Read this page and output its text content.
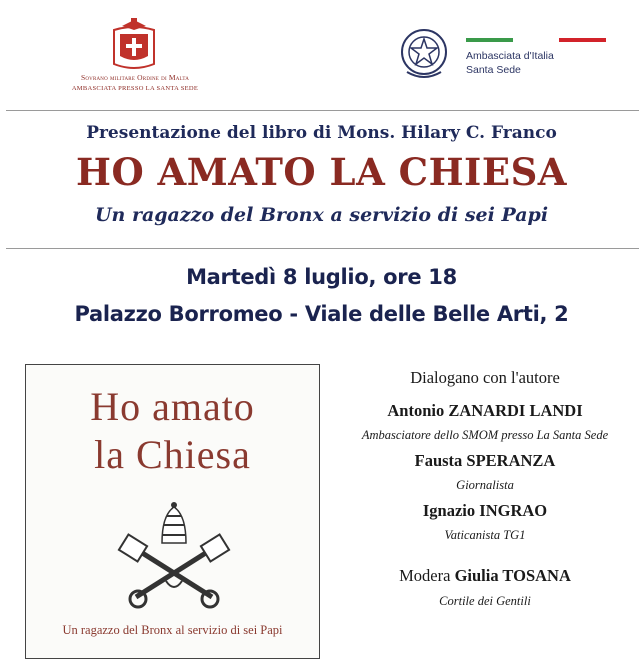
Sovrano militare Ordine di Malta
AMBASCIATA PRESSO LA SANTA SEDE
Ambasciata d'Italia
Santa Sede
Presentazione del libro di Mons. Hilary C. Franco
HO AMATO LA CHIESA
Un ragazzo del Bronx a servizio di sei Papi
Martedì 8 luglio, ore 18
Palazzo Borromeo - Viale delle Belle Arti, 2
Ho amato
la Chiesa
Un ragazzo del Bronx al servizio di sei Papi
Dialogano con l'autore
Antonio ZANARDI LANDI
Ambasciatore dello SMOM presso La Santa Sede
Fausta SPERANZA
Giornalista
Ignazio INGRAO
Vaticanista TG1
Modera Giulia TOSANA
Cortile dei Gentili
